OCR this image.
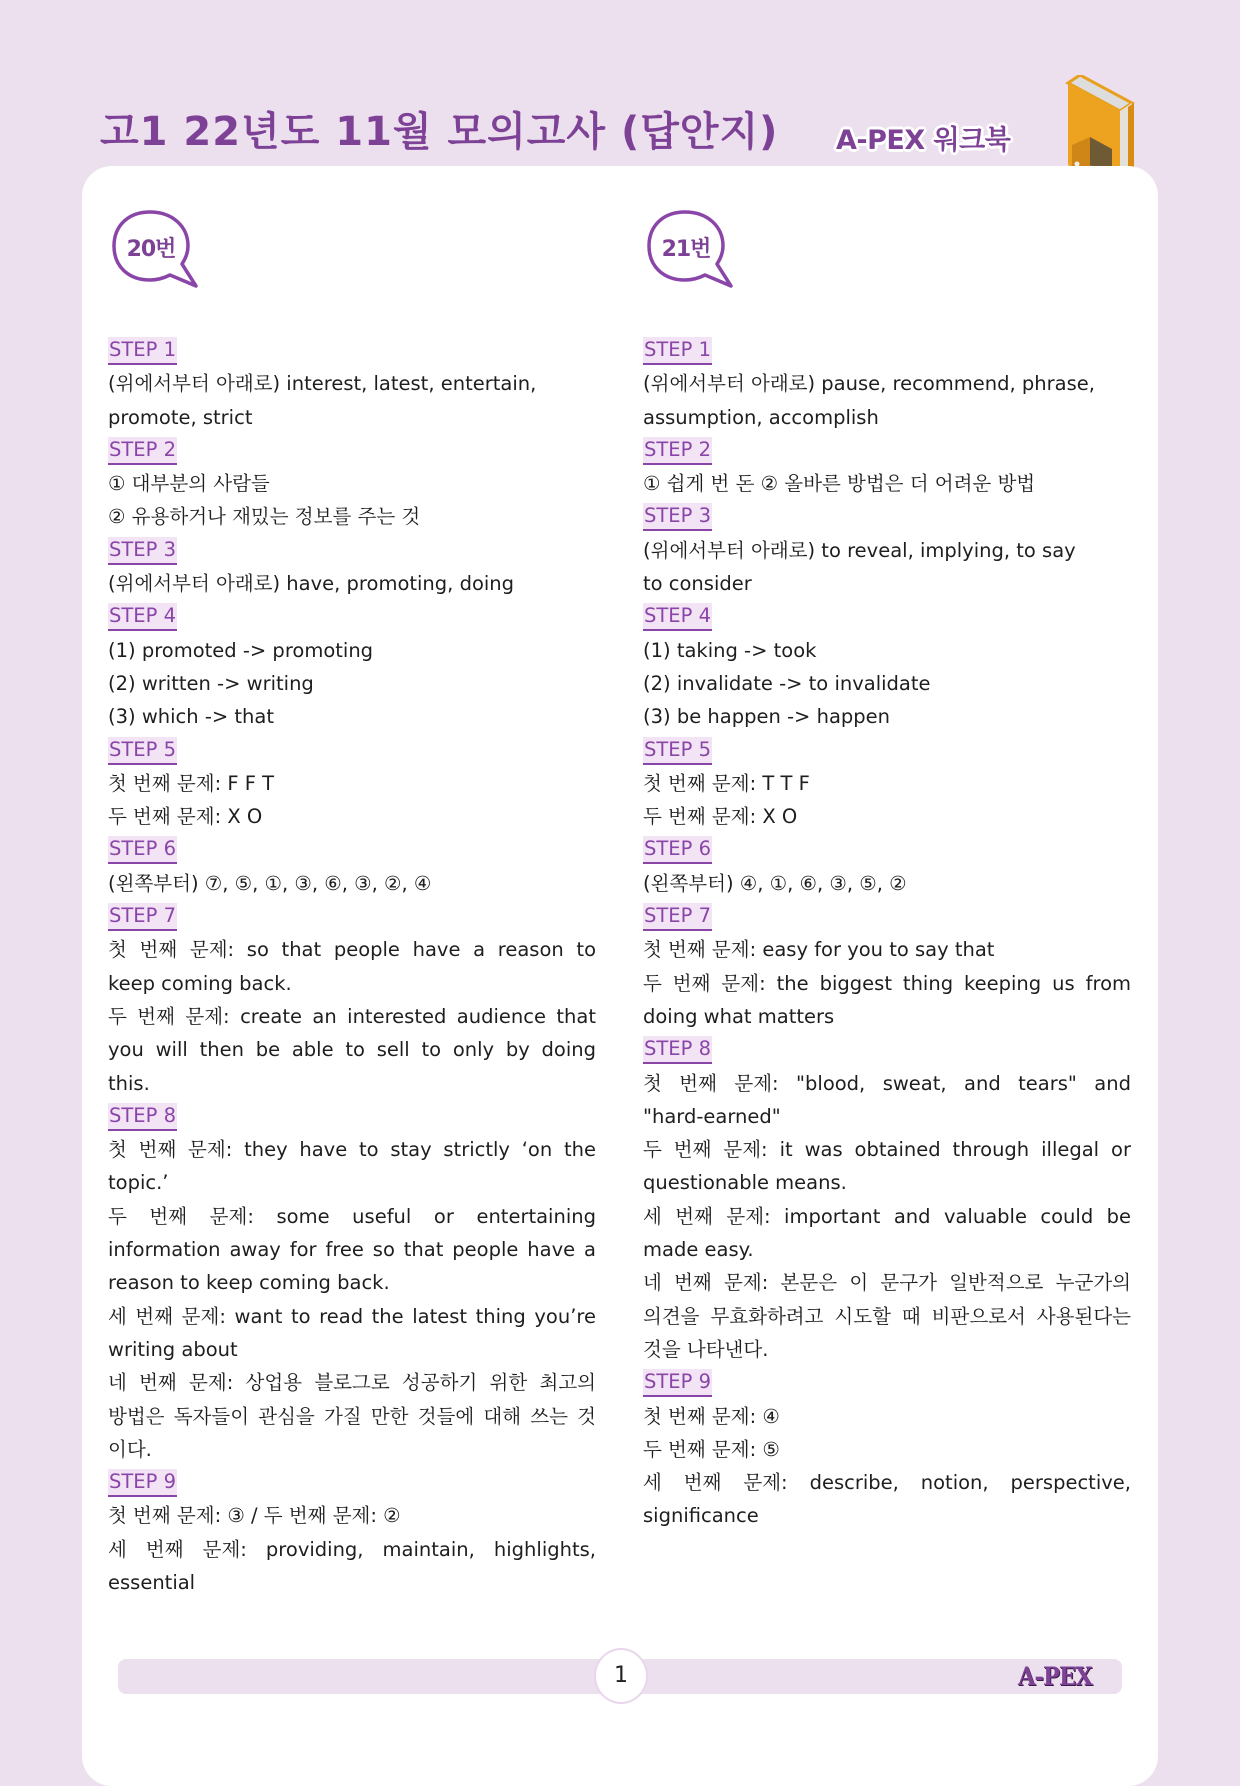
고1 22년도 11월 모의고사 (답안지) A-PEX 워크북
20번
STEP 1
(위에서부터 아래로) interest, latest, entertain,
promote, strict
STEP 2
① 대부분의 사람들
② 유용하거나 재밌는 정보를 주는 것
STEP 3
(위에서부터 아래로) have, promoting, doing
STEP 4
(1) promoted -> promoting
(2) written -> writing
(3) which -> that
STEP 5
첫 번째 문제: F F T
두 번째 문제: X O
STEP 6
(왼쪽부터) ⑦, ⑤, ①, ③, ⑥, ③, ②, ④
STEP 7
첫 번째 문제: so that people have a reason to
keep coming back.
두 번째 문제: create an interested audience that
you will then be able to sell to only by doing
this.
STEP 8
첫 번째 문제: they have to stay strictly ‘on the
topic.’
두 번째 문제: some useful or entertaining
information away for free so that people have a
reason to keep coming back.
세 번째 문제: want to read the latest thing you’re
writing about
네 번째 문제: 상업용 블로그로 성공하기 위한 최고의
방법은 독자들이 관심을 가질 만한 것들에 대해 쓰는 것
이다.
STEP 9
첫 번째 문제: ③ / 두 번째 문제: ②
세 번째 문제: providing, maintain, highlights,
essential
21번
STEP 1
(위에서부터 아래로) pause, recommend, phrase,
assumption, accomplish
STEP 2
① 쉽게 번 돈 ② 올바른 방법은 더 어려운 방법
STEP 3
(위에서부터 아래로) to reveal, implying, to say
to consider
STEP 4
(1) taking -> took
(2) invalidate -> to invalidate
(3) be happen -> happen
STEP 5
첫 번째 문제: T T F
두 번째 문제: X O
STEP 6
(왼쪽부터) ④, ①, ⑥, ③, ⑤, ②
STEP 7
첫 번째 문제: easy for you to say that
두 번째 문제: the biggest thing keeping us from
doing what matters
STEP 8
첫 번째 문제: "blood, sweat, and tears" and
"hard-earned"
두 번째 문제: it was obtained through illegal or
questionable means.
세 번째 문제: important and valuable could be
made easy.
네 번째 문제: 본문은 이 문구가 일반적으로 누군가의
의견을 무효화하려고 시도할 때 비판으로서 사용된다는
것을 나타낸다.
STEP 9
첫 번째 문제: ④
두 번째 문제: ⑤
세 번째 문제: describe, notion, perspective,
significance
1	A-PEX
